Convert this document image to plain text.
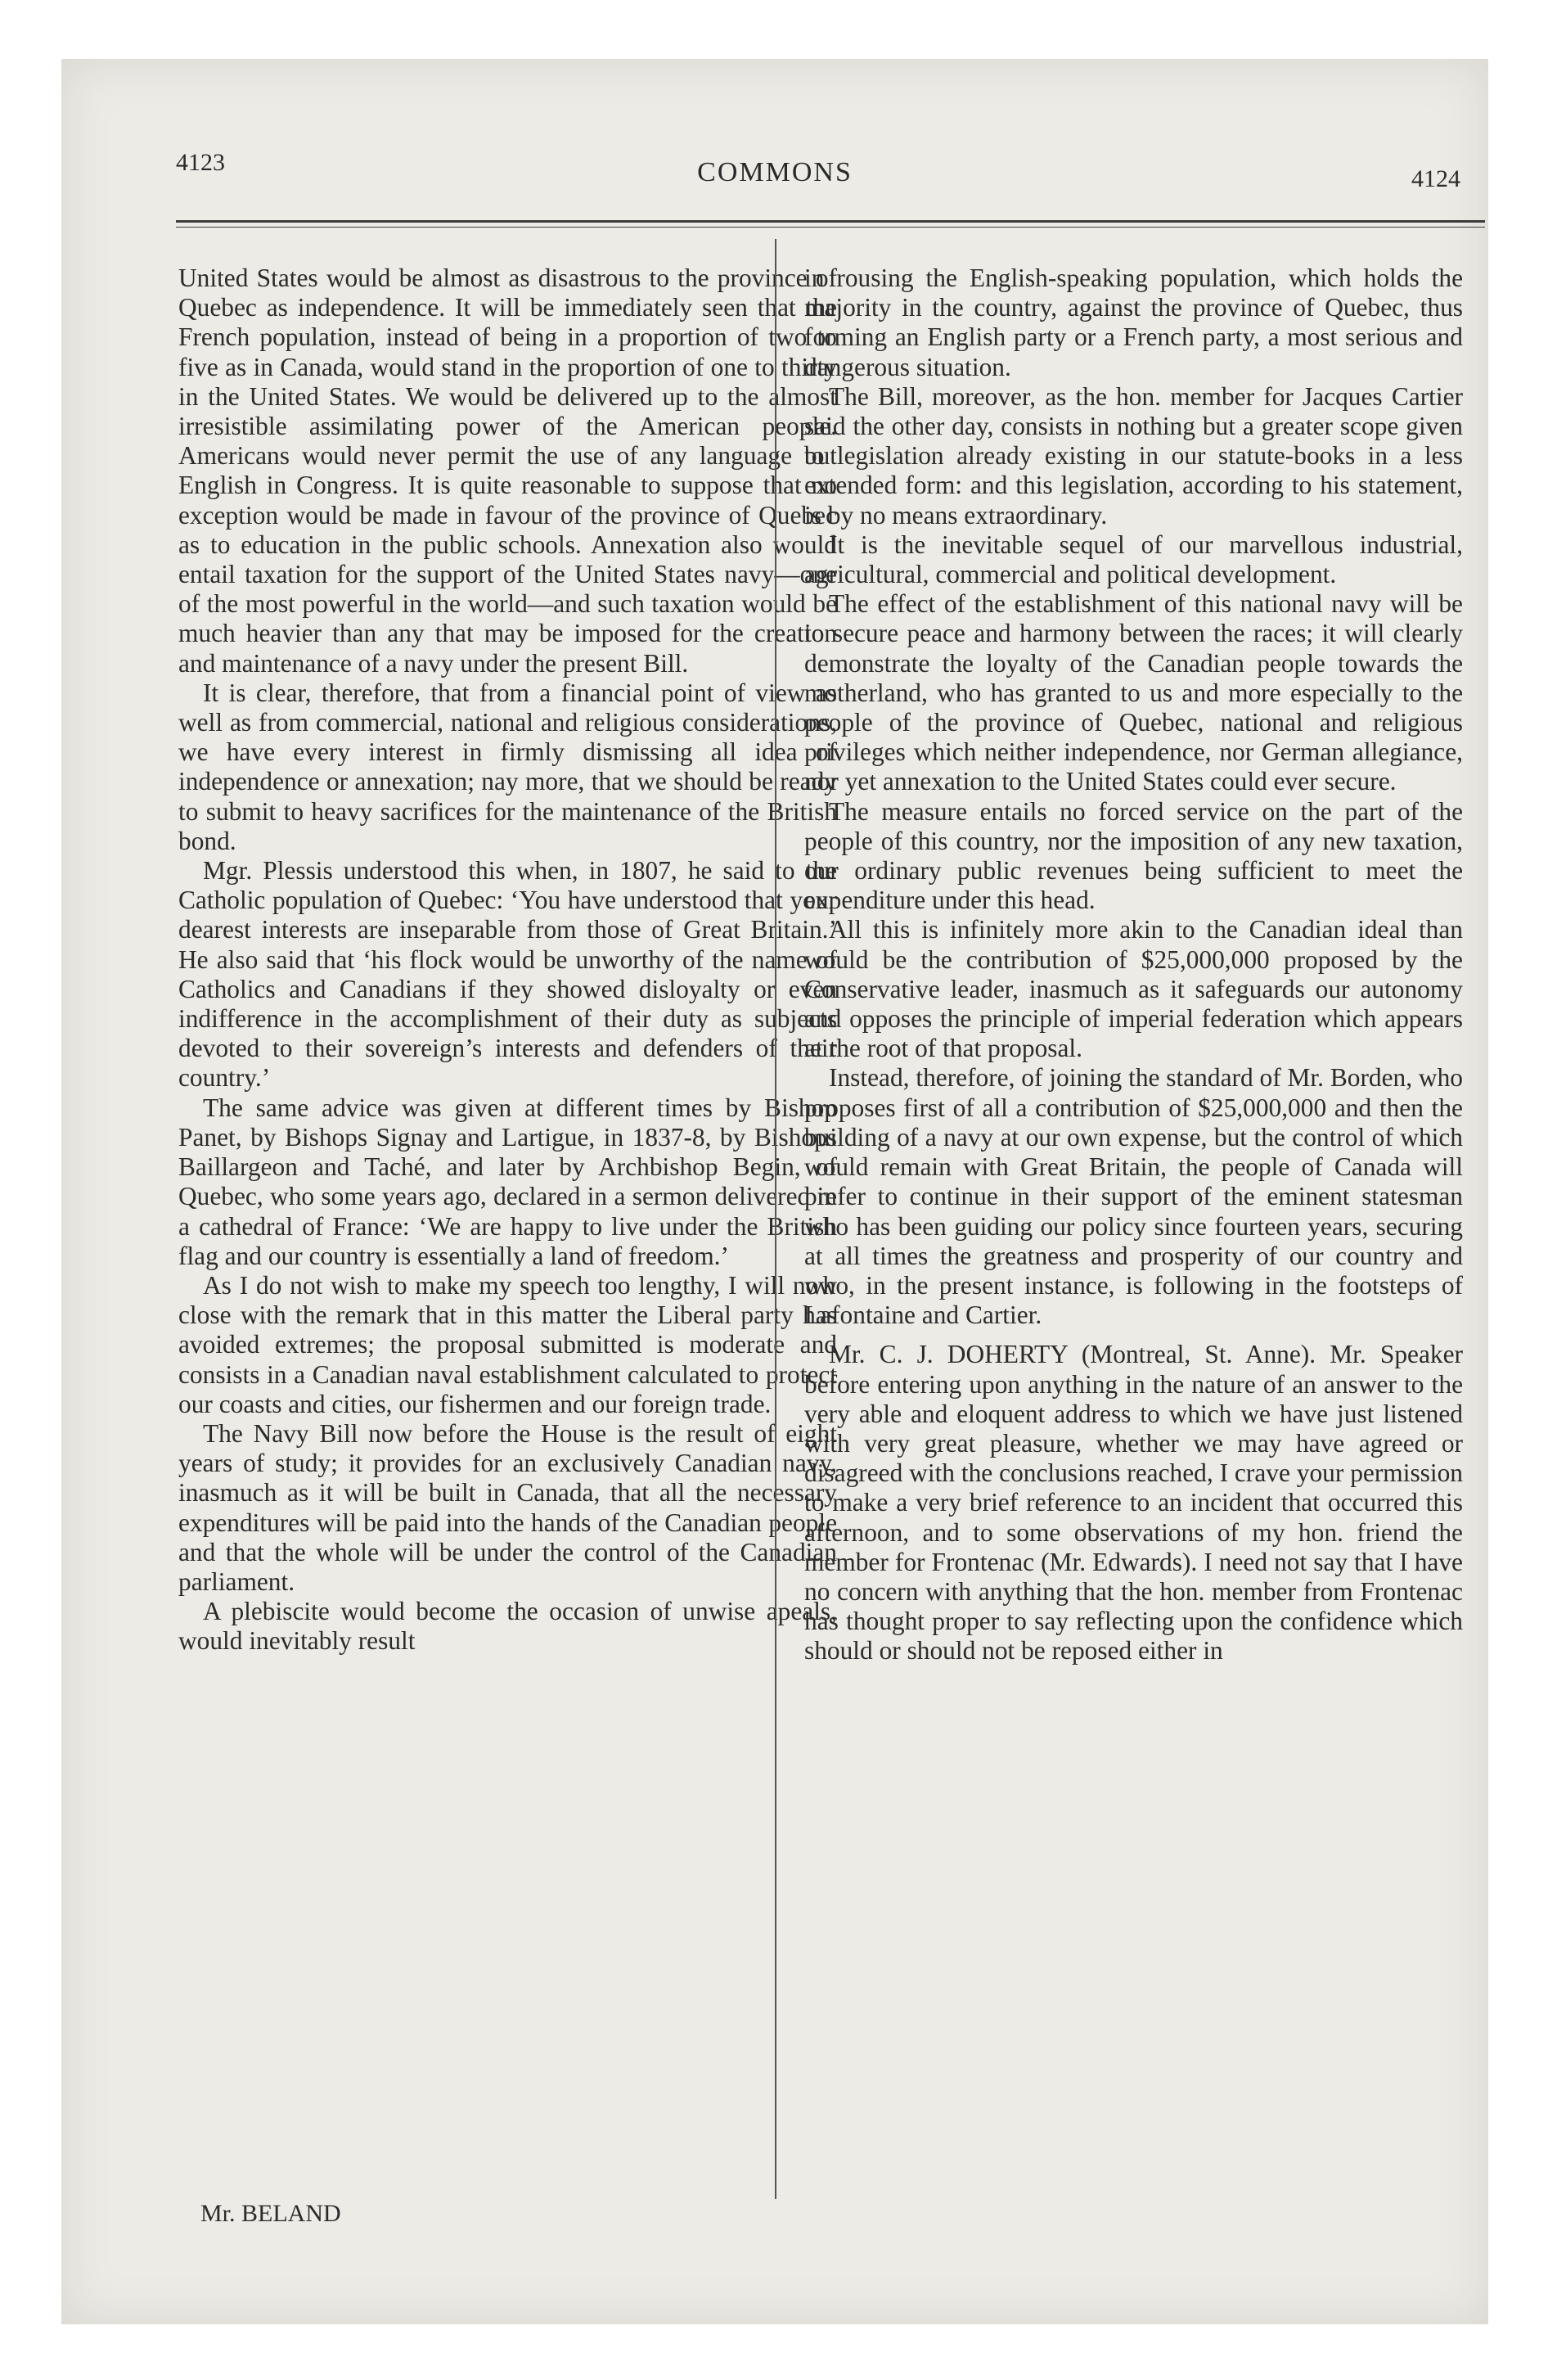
4123	COMMONS	4124

United States would be almost as disastrous to the province of Quebec as independence. It will be immediately seen that the French population, instead of being in a proportion of two to five as in Canada, would stand in the proportion of one to thirty in the United States. We would be delivered up to the almost irresistible assimilating power of the American people. Americans would never permit the use of any language but English in Congress. It is quite reasonable to suppose that no exception would be made in favour of the province of Quebec as to education in the public schools. Annexation also would entail taxation for the support of the United States navy—one of the most powerful in the world—and such taxation would be much heavier than any that may be imposed for the creation and maintenance of a navy under the present Bill.

It is clear, therefore, that from a financial point of view as well as from commercial, national and religious considerations, we have every interest in firmly dismissing all idea of independence or annexation; nay more, that we should be ready to submit to heavy sacrifices for the maintenance of the British bond.

Mgr. Plessis understood this when, in 1807, he said to the Catholic population of Quebec: ‘You have understood that your dearest interests are inseparable from those of Great Britain.’ He also said that ‘his flock would be unworthy of the name of Catholics and Canadians if they showed disloyalty or even indifference in the accomplishment of their duty as subjects devoted to their sovereign’s interests and defenders of their country.’

The same advice was given at different times by Bishop Panet, by Bishops Signay and Lartigue, in 1837-8, by Bishops Baillargeon and Taché, and later by Archbishop Begin, of Quebec, who some years ago, declared in a sermon delivered in a cathedral of France: ‘We are happy to live under the British flag and our country is essentially a land of freedom.’

As I do not wish to make my speech too lengthy, I will now close with the remark that in this matter the Liberal party has avoided extremes; the proposal submitted is moderate and consists in a Canadian naval establishment calculated to protect our coasts and cities, our fishermen and our foreign trade.

The Navy Bill now before the House is the result of eight years of study; it provides for an exclusively Canadian navy, inasmuch as it will be built in Canada, that all the necessary expenditures will be paid into the hands of the Canadian people and that the whole will be under the control of the Canadian parliament.

A plebiscite would become the occasion of unwise apeals, would inevitably result

in rousing the English-speaking population, which holds the majority in the country, against the province of Quebec, thus forming an English party or a French party, a most serious and dangerous situation.

The Bill, moreover, as the hon. member for Jacques Cartier said the other day, consists in nothing but a greater scope given to legislation already existing in our statute-books in a less extended form: and this legislation, according to his statement, is by no means extraordinary.

It is the inevitable sequel of our marvellous industrial, agricultural, commercial and political development.

The effect of the establishment of this national navy will be to secure peace and harmony between the races; it will clearly demonstrate the loyalty of the Canadian people towards the motherland, who has granted to us and more especially to the people of the province of Quebec, national and religious privileges which neither independence, nor German allegiance, nor yet annexation to the United States could ever secure.

The measure entails no forced service on the part of the people of this country, nor the imposition of any new taxation, our ordinary public revenues being sufficient to meet the expenditure under this head.

All this is infinitely more akin to the Canadian ideal than would be the contribution of $25,000,000 proposed by the Conservative leader, inasmuch as it safeguards our autonomy and opposes the principle of imperial federation which appears at the root of that proposal.

Instead, therefore, of joining the standard of Mr. Borden, who proposes first of all a contribution of $25,000,000 and then the building of a navy at our own expense, but the control of which would remain with Great Britain, the people of Canada will prefer to continue in their support of the eminent statesman who has been guiding our policy since fourteen years, securing at all times the greatness and prosperity of our country and who, in the present instance, is following in the footsteps of Lafontaine and Cartier.

Mr. C. J. DOHERTY (Montreal, St. Anne). Mr. Speaker before entering upon anything in the nature of an answer to the very able and eloquent address to which we have just listened with very great pleasure, whether we may have agreed or disagreed with the conclusions reached, I crave your permission to make a very brief reference to an incident that occurred this afternoon, and to some observations of my hon. friend the member for Frontenac (Mr. Edwards). I need not say that I have no concern with anything that the hon. member from Frontenac has thought proper to say reflecting upon the confidence which should or should not be reposed either in

Mr. BELAND
